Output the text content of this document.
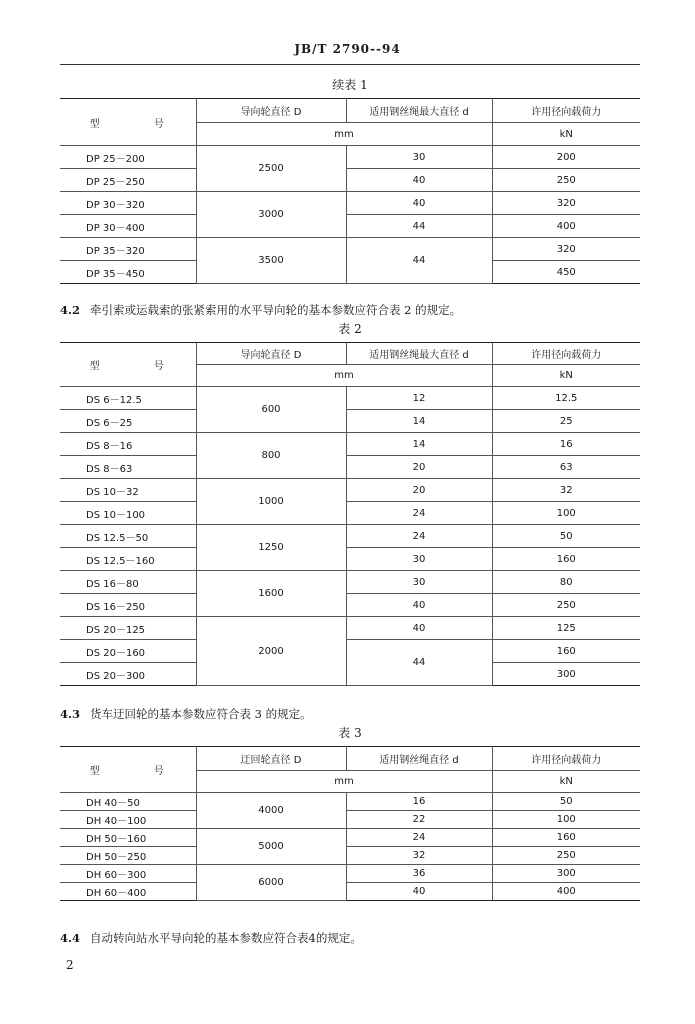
JB/T 2790--94
续表 1
型　号	导向轮直径 D	适用钢丝绳最大直径 d	许用径向载荷力
	mm		kN
DP 25－200	2500	30	200
DP 25－250		40	250
DP 30－320	3000	40	320
DP 30－400		44	400
DP 35－320	3500	44	320
DP 35－450			450
4.2 牵引索或运载索的张紧索用的水平导向轮的基本参数应符合表 2 的规定。
表 2
型　号	导向轮直径 D	适用钢丝绳最大直径 d	许用径向载荷力
	mm		kN
DS 6－12.5	600	12	12.5
DS 6－25		14	25
DS 8－16	800	14	16
DS 8－63		20	63
DS 10－32	1000	20	32
DS 10－100		24	100
DS 12.5－50	1250	24	50
DS 12.5－160		30	160
DS 16－80	1600	30	80
DS 16－250		40	250
DS 20－125	2000	40	125
DS 20－160		44	160
DS 20－300			300
4.3 货车迂回轮的基本参数应符合表 3 的规定。
表 3
型　号	迂回轮直径 D	适用钢丝绳直径 d	许用径向载荷力
	mm		kN
DH 40－50	4000	16	50
DH 40－100		22	100
DH 50－160	5000	24	160
DH 50－250		32	250
DH 60－300	6000	36	300
DH 60－400		40	400
4.4 自动转向站水平导向轮的基本参数应符合表4的规定。
2
